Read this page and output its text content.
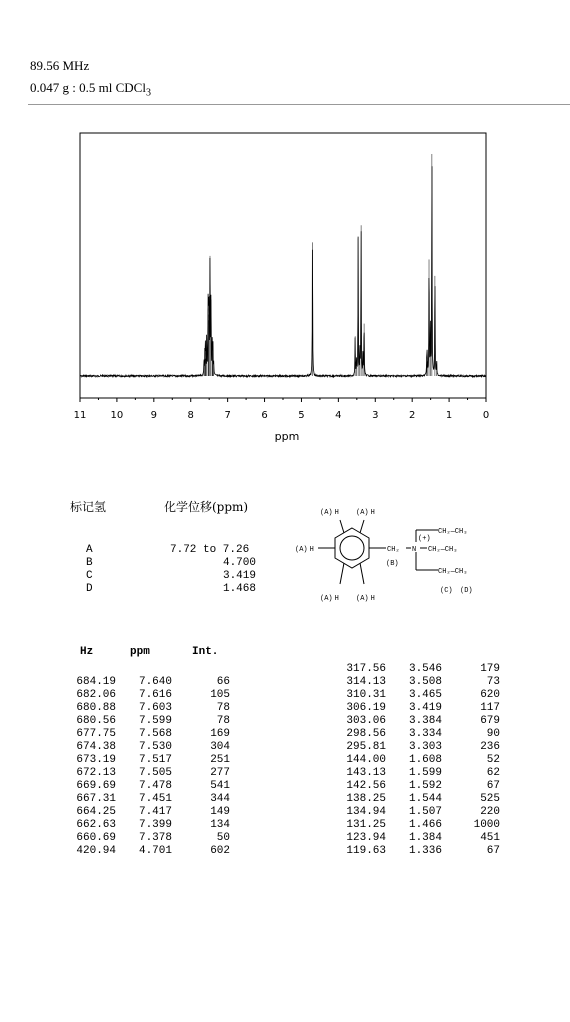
89.56 MHz
0.047 g : 0.5 ml CDCl$_3$
11 10	9	8	7	6	5	4	3	2	1	0
ppm
标记氢	化学位移(ppm)
A	7.72 to 7.26
B	4.700
C	3.419
D	1.468
(A) H (A) H
(A) H
(A) H (A) H
CH₂ N
(+)
CH₂—CH₃
CH₂—CH₃
CH₂—CH₃
(B)
(C) (D)
Hz	ppm	Int.
684.19	7.640	66
682.06	7.616	105
680.88	7.603	78
680.56	7.599	78
677.75	7.568	169
674.38	7.530	304
673.19	7.517	251
672.13	7.505	277
669.69	7.478	541
667.31	7.451	344
664.25	7.417	149
662.63	7.399	134
660.69	7.378	50
420.94	4.701	602
317.56	3.546	179
314.13	3.508	73
310.31	3.465	620
306.19	3.419	117
303.06	3.384	679
298.56	3.334	90
295.81	3.303	236
144.00	1.608	52
143.13	1.599	62
142.56	1.592	67
138.25	1.544	525
134.94	1.507	220
131.25	1.466	1000
123.94	1.384	451
119.63	1.336	67
